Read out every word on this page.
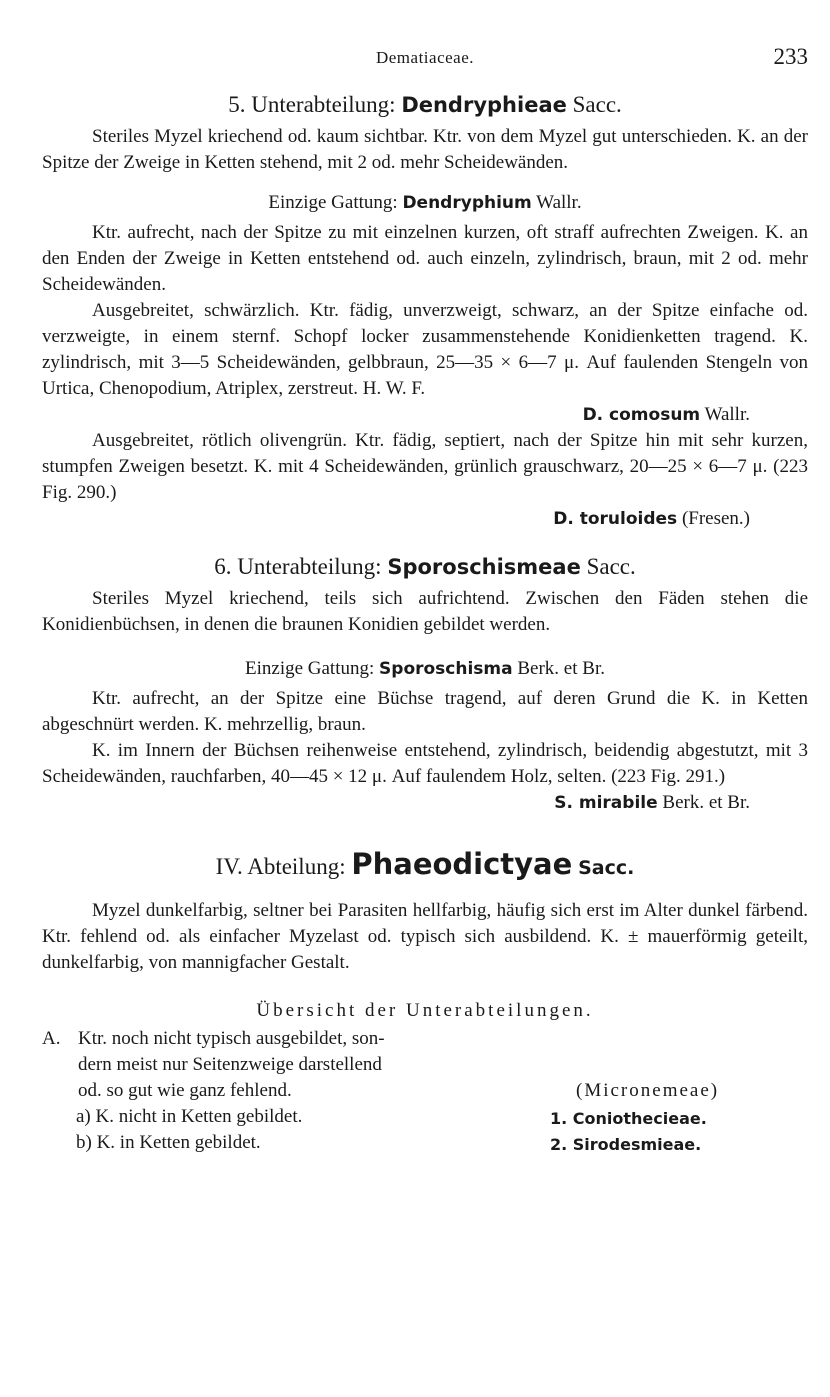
Dematiaceae.	233
5. Unterabteilung: Dendryphieae Sacc.

Steriles Myzel kriechend od. kaum sichtbar. Ktr. von dem Myzel gut unterschieden. K. an der Spitze der Zweige in Ketten stehend, mit 2 od. mehr Scheidewänden.

Einzige Gattung: Dendryphium Wallr.

Ktr. aufrecht, nach der Spitze zu mit einzelnen kurzen, oft straff aufrechten Zweigen. K. an den Enden der Zweige in Ketten entstehend od. auch einzeln, zylindrisch, braun, mit 2 od. mehr Scheidewänden.

Ausgebreitet, schwärzlich. Ktr. fädig, unverzweigt, schwarz, an der Spitze einfache od. verzweigte, in einem sternf. Schopf locker zusammenstehende Konidienketten tragend. K. zylindrisch, mit 3—5 Scheidewänden, gelbbraun, 25—35 × 6—7 μ. Auf faulenden Stengeln von Urtica, Chenopodium, Atriplex, zerstreut. H. W. F.

D. comosum Wallr.

Ausgebreitet, rötlich olivengrün. Ktr. fädig, septiert, nach der Spitze hin mit sehr kurzen, stumpfen Zweigen besetzt. K. mit 4 Scheidewänden, grünlich grauschwarz, 20—25 × 6—7 μ. (223 Fig. 290.)

D. toruloides (Fresen.)

6. Unterabteilung: Sporoschismeae Sacc.

Steriles Myzel kriechend, teils sich aufrichtend. Zwischen den Fäden stehen die Konidienbüchsen, in denen die braunen Konidien gebildet werden.

Einzige Gattung: Sporoschisma Berk. et Br.

Ktr. aufrecht, an der Spitze eine Büchse tragend, auf deren Grund die K. in Ketten abgeschnürt werden. K. mehrzellig, braun.

K. im Innern der Büchsen reihenweise entstehend, zylindrisch, beidendig abgestutzt, mit 3 Scheidewänden, rauchfarben, 40—45 × 12 μ. Auf faulendem Holz, selten. (223 Fig. 291.)

S. mirabile Berk. et Br.

IV. Abteilung: Phaeodictyae Sacc.

Myzel dunkelfarbig, seltner bei Parasiten hellfarbig, häufig sich erst im Alter dunkel färbend. Ktr. fehlend od. als einfacher Myzelast od. typisch sich ausbildend. K. ± mauerförmig geteilt, dunkelfarbig, von mannigfacher Gestalt.

Übersicht der Unterabteilungen.
A. Ktr. noch nicht typisch ausgebildet, son-
dern meist nur Seitenzweige darstellend
od. so gut wie ganz fehlend.	(Micronemeae)
a) K. nicht in Ketten gebildet.	1. Coniothecieae.
b) K. in Ketten gebildet.	2. Sirodesmieae.
